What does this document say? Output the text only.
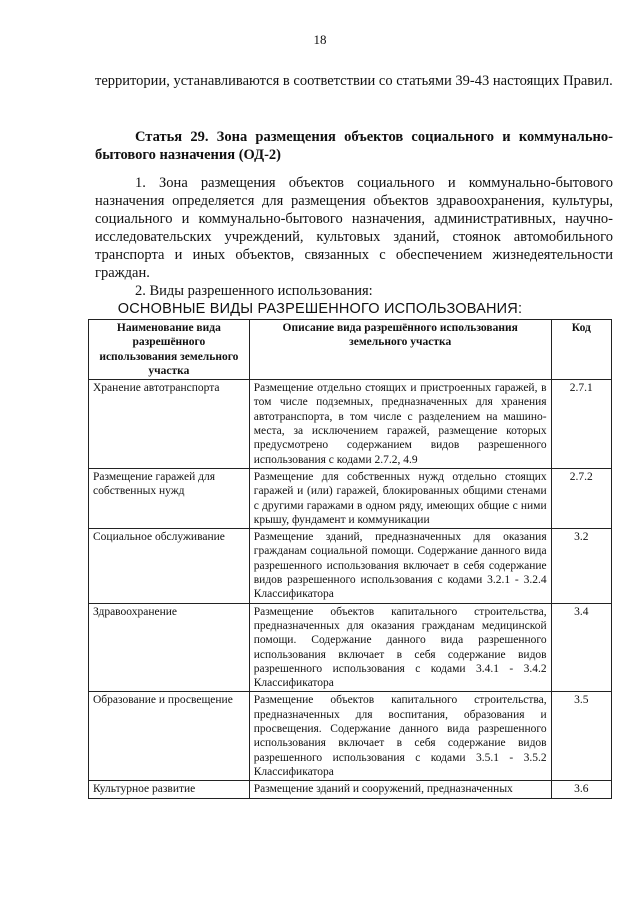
18
территории, устанавливаются в соответствии со статьями 39-43 настоящих Правил.
Статья 29. Зона размещения объектов социального и коммунально-бытового назначения (ОД-2)
1. Зона размещения объектов социального и коммунально-бытового назначения определяется для размещения объектов здравоохранения, культуры, социального и коммунально-бытового назначения, административных, научно-исследовательских учреждений, культовых зданий, стоянок автомобильного транспорта и иных объектов, связанных с обеспечением жизнедеятельности граждан.
2. Виды разрешенного использования:
ОСНОВНЫЕ ВИДЫ РАЗРЕШЕННОГО ИСПОЛЬЗОВАНИЯ:
Наименование вида разрешённого использования земельного участка	Описание вида разрешённого использования земельного участка	Код
Хранение автотранспорта	Размещение отдельно стоящих и пристроенных гаражей, в том числе подземных, предназначенных для хранения автотранспорта, в том числе с разделением на машино-места, за исключением гаражей, размещение которых предусмотрено содержанием видов разрешенного использования с кодами 2.7.2, 4.9	2.7.1
Размещение гаражей для собственных нужд	Размещение для собственных нужд отдельно стоящих гаражей и (или) гаражей, блокированных общими стенами с другими гаражами в одном ряду, имеющих общие с ними крышу, фундамент и коммуникации	2.7.2
Социальное обслуживание	Размещение зданий, предназначенных для оказания гражданам социальной помощи. Содержание данного вида разрешенного использования включает в себя содержание видов разрешенного использования с кодами 3.2.1 - 3.2.4 Классификатора	3.2
Здравоохранение	Размещение объектов капитального строительства, предназначенных для оказания гражданам медицинской помощи. Содержание данного вида разрешенного использования включает в себя содержание видов разрешенного использования с кодами 3.4.1 - 3.4.2 Классификатора	3.4
Образование и просвещение	Размещение объектов капитального строительства, предназначенных для воспитания, образования и просвещения. Содержание данного вида разрешенного использования включает в себя содержание видов разрешенного использования с кодами 3.5.1 - 3.5.2 Классификатора	3.5
Культурное развитие	Размещение зданий и сооружений, предназначенных	3.6
